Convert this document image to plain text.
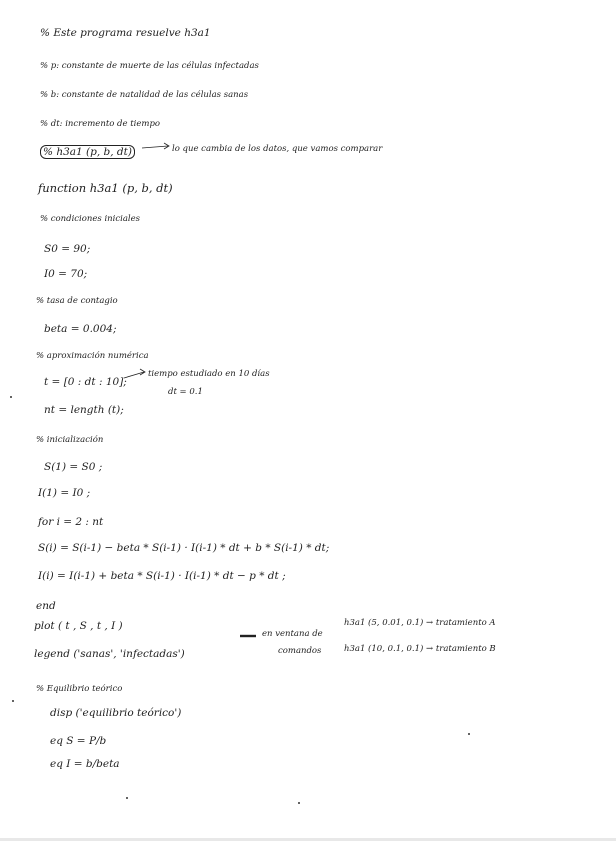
% Este programa resuelve h3a1
% p: constante de muerte de las células infectadas
% b: constante de natalidad de las células sanas
% dt: incremento de tiempo
% h3a1 (p, b, dt)	lo que cambia de los datos, que vamos comparar
function h3a1 (p, b, dt)
% condiciones iniciales
S0 = 90;
I0 = 70;
% tasa de contagio
beta = 0.004;
% aproximación numérica
t = [0 : dt : 10];
tiempo estudiado en 10 días
dt = 0.1
nt = length (t);
% inicialización
S(1) = S0 ;
I(1) = I0 ;
for i = 2 : nt
S(i) = S(i-1) − beta * S(i-1) · I(i-1) * dt + b * S(i-1) * dt;
I(i) = I(i-1) + beta * S(i-1) · I(i-1) * dt − p * dt ;
end
plot ( t , S , t , I )
legend ('sanas', 'infectadas')
en ventana de
comandos
h3a1 (5, 0.01, 0.1) → tratamiento A
h3a1 (10, 0.1, 0.1) → tratamiento B
% Equilibrio teórico
disp ('equilibrio teórico')
eq S = P/b
eq I = b/beta
